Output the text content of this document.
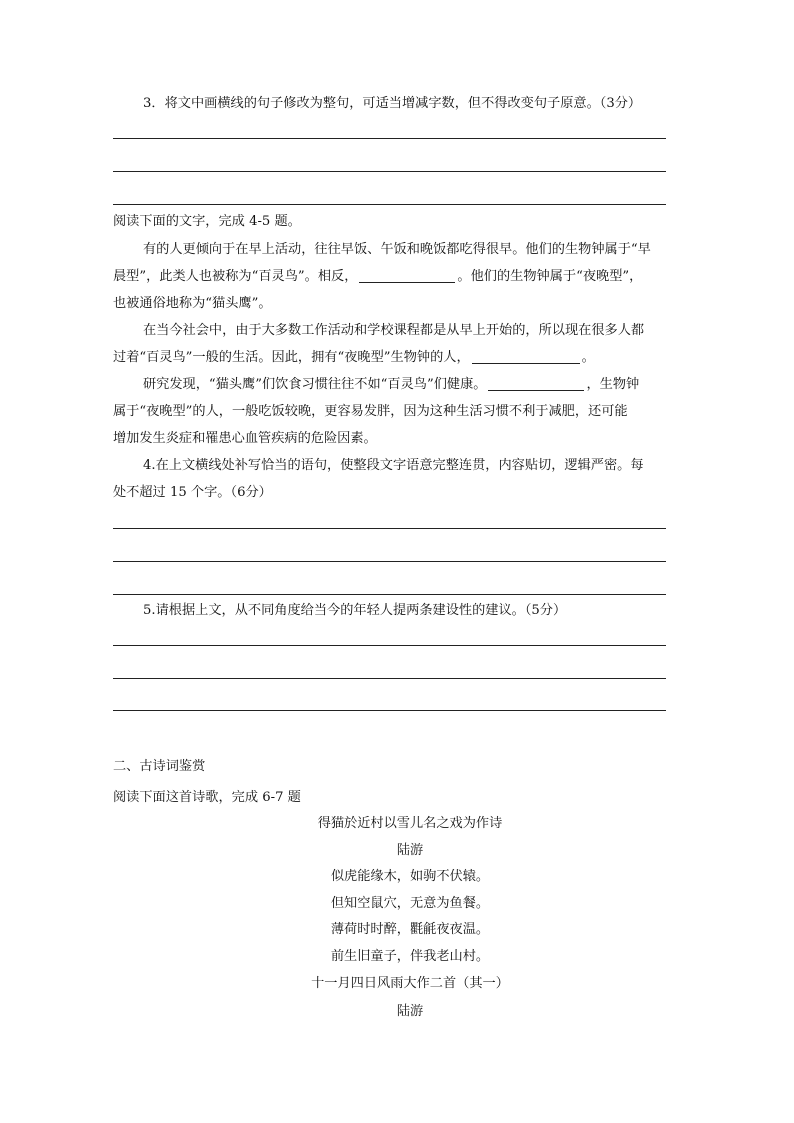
3．将文中画横线的句子修改为整句，可适当增减字数，但不得改变句子原意。（3分）
阅读下面的文字，完成 4-5 题。
有的人更倾向于在早上活动，往往早饭、午饭和晚饭都吃得很早。他们的生物钟属于“早
晨型”，此类人也被称为“百灵鸟”。相反，	。他们的生物钟属于“夜晚型”，
也被通俗地称为“猫头鹰”。
在当今社会中，由于大多数工作活动和学校课程都是从早上开始的，所以现在很多人都
过着“百灵鸟”一般的生活。因此，拥有“夜晚型”生物钟的人，	。
研究发现，“猫头鹰”们饮食习惯往往不如“百灵鸟”们健康。	，生物钟
属于“夜晚型”的人，一般吃饭较晚，更容易发胖，因为这种生活习惯不利于减肥，还可能
增加发生炎症和罹患心血管疾病的危险因素。
4.在上文横线处补写恰当的语句，使整段文字语意完整连贯，内容贴切，逻辑严密。每
处不超过 15 个字。（6分）
5.请根据上文，从不同角度给当今的年轻人提两条建设性的建议。（5分）
二、古诗词鉴赏
阅读下面这首诗歌，完成 6-7 题
得猫於近村以雪儿名之戏为作诗
陆游
似虎能缘木，如驹不伏辕。
但知空鼠穴，无意为鱼餐。
薄荷时时醉，氍毹夜夜温。
前生旧童子，伴我老山村。
十一月四日风雨大作二首（其一）
陆游
